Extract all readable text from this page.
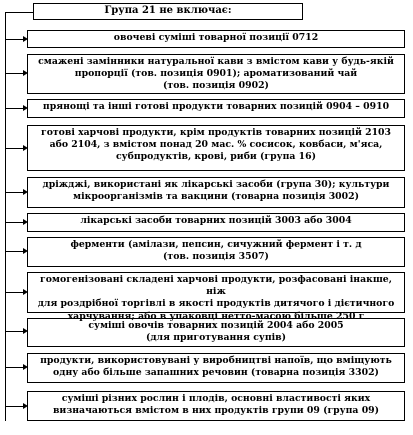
Група 21 не включає:
овочеві суміші товарної позиції 0712
смажені замінники натуральної кави з вмістом кави у будь-якій
пропорції (тов. позиція 0901); ароматизований чай
(тов. позиція 0902)
прянощі та інші готові продукти товарних позицій 0904 – 0910
готові харчові продукти, крім продуктів товарних позицій 2103
або 2104, з вмістом понад 20 мас. % сосисок, ковбаси, м'яса,
субпродуктів, крові, риби (група 16)
дріжджі, використані як лікарські засоби (група 30); культури
мікроорганізмів та вакцини (товарна позиція 3002)
лікарські засоби товарних позицій 3003 або 3004
ферменти (амілази, пепсин, сичужний фермент і т. д
(тов. позиція 3507)
гомогенізовані складені харчові продукти, розфасовані інакше, ніж
для роздрібної торгівлі в якості продуктів дитячого і дієтичного
харчування; або в упаковці нетто-масою більше 250 г
суміші овочів товарних позицій 2004 або 2005
(для приготування супів)
продукти, використовувані у виробництві напоїв, що вміщують
одну або більше запашних речовин (товарна позиція 3302)
суміші різних рослин і плодів, основні властивості яких
визначаються вмістом в них продуктів групи 09 (група 09)
